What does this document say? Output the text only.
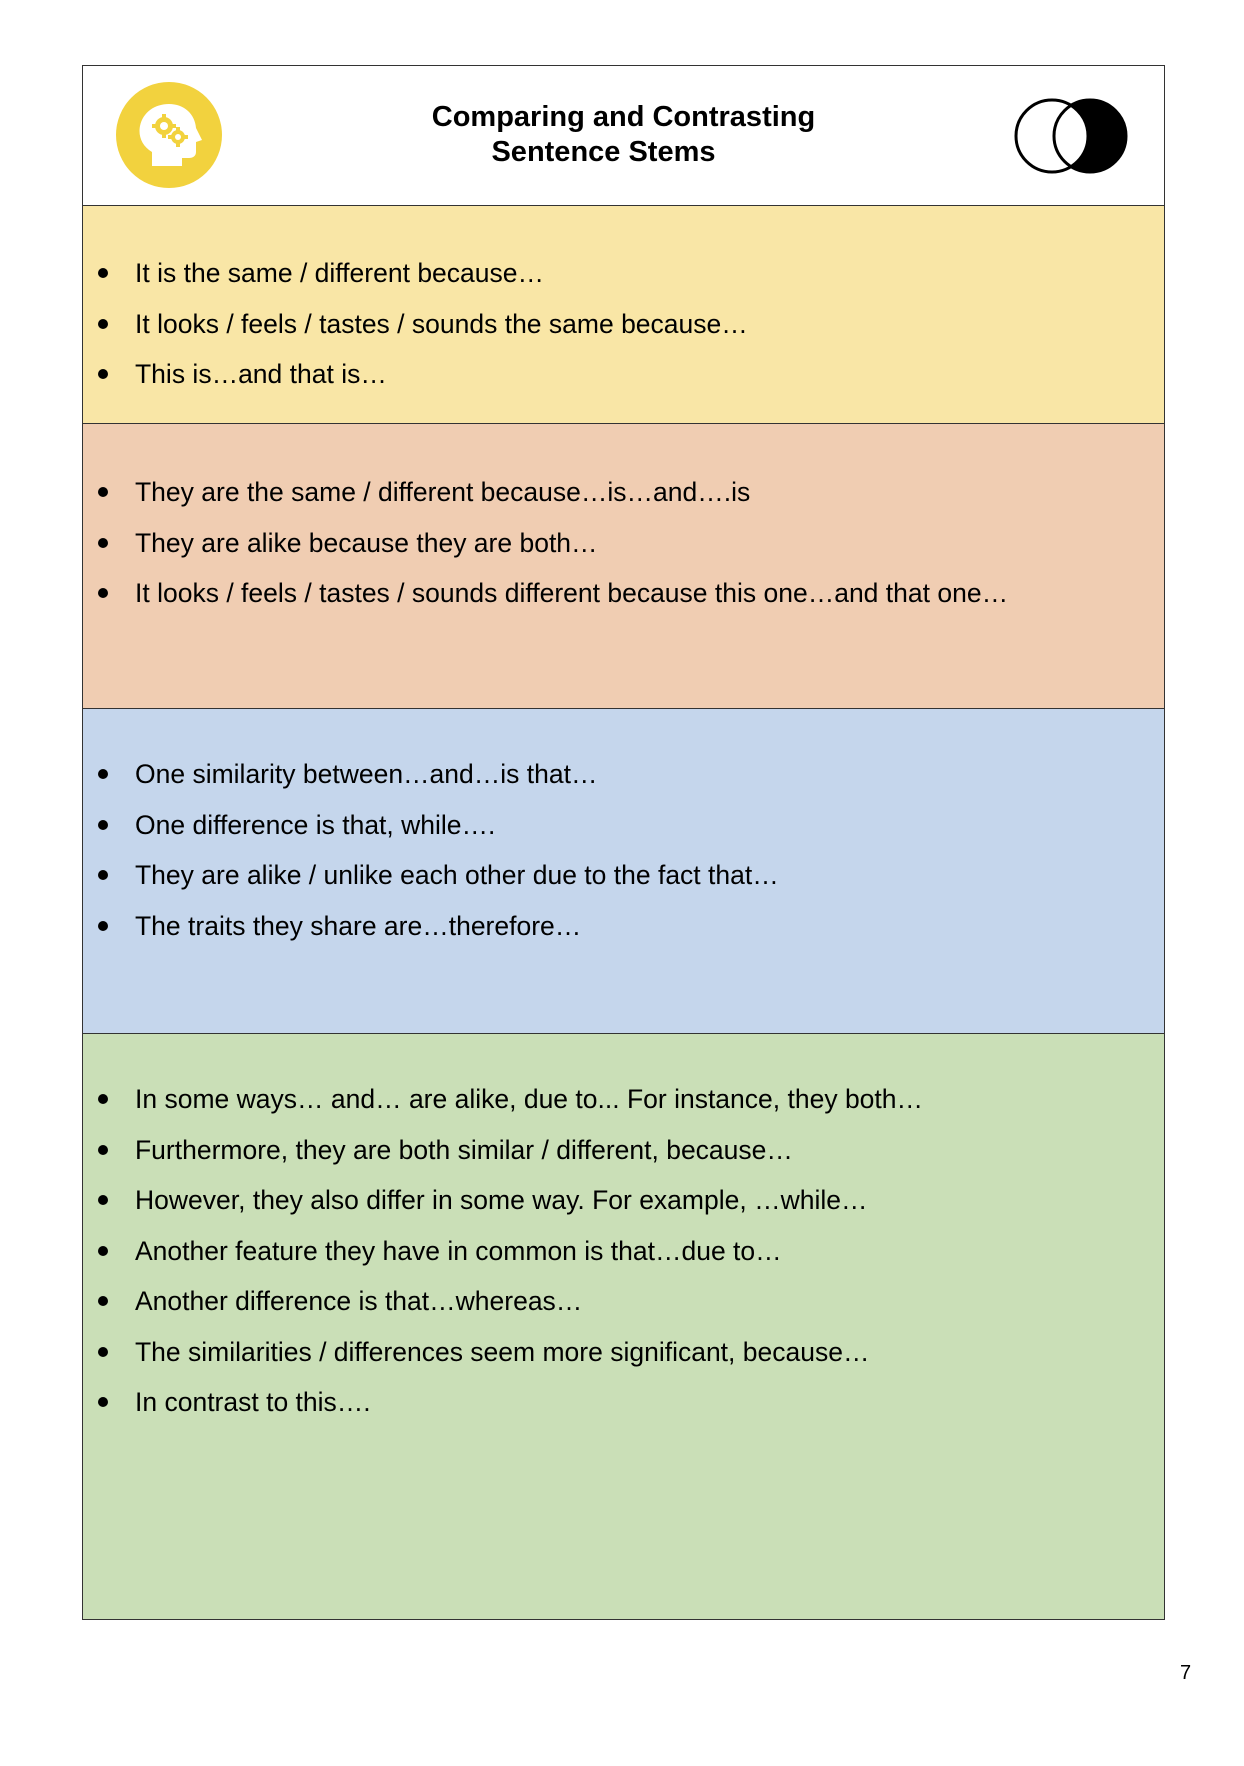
Comparing and Contrasting
Sentence Stems
It is the same / different because…
It looks / feels / tastes / sounds the same because…
This is…and that is…
They are the same / different because…is…and….is
They are alike because they are both…
It looks / feels / tastes / sounds different because this one…and that one…
One similarity between…and…is that…
One difference is that, while….
They are alike / unlike each other due to the fact that…
The traits they share are…therefore…
In some ways… and… are alike, due to... For instance, they both…
Furthermore, they are both similar / different, because…
However, they also differ in some way. For example, …while…
Another feature they have in common is that…due to…
Another difference is that…whereas…
The similarities / differences seem more significant, because…
In contrast to this….
7
